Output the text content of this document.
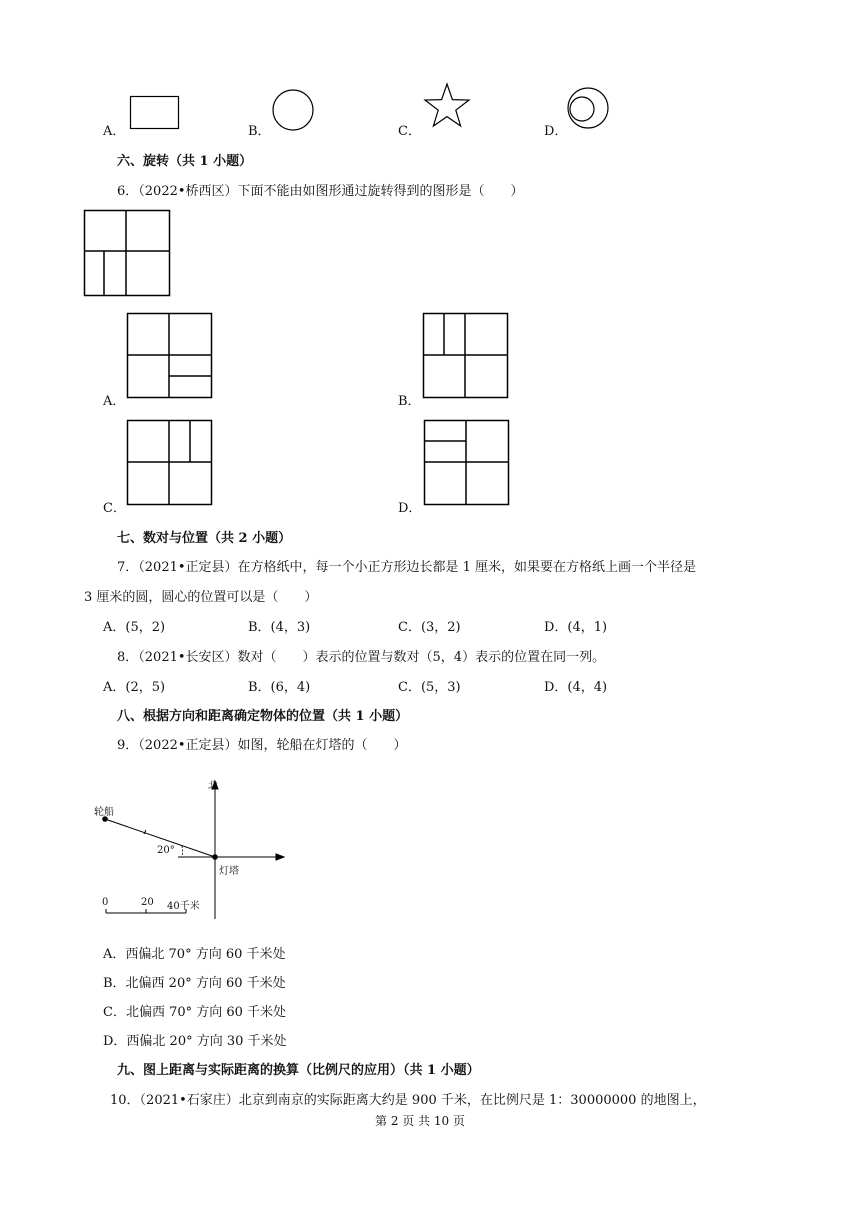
A．	B．	C．	D．
六、旋转（共 1 小题）
6．（2022•桥西区）下面不能由如图形通过旋转得到的图形是（　　）
A．	B．
C．	D．
七、数对与位置（共 2 小题）
7．（2021•正定县）在方格纸中，每一个小正方形边长都是 1 厘米，如果要在方格纸上画一个半径是
3 厘米的圆，圆心的位置可以是（　　）
A．(5，2)	B．(4，3)	C．(3，2)	D．(4，1)
8．（2021•长安区）数对（　　）表示的位置与数对（5，4）表示的位置在同一列。
A．(2，5)	B．(6，4)	C．(5，3)	D．(4，4)
八、根据方向和距离确定物体的位置（共 1 小题）
9．（2022•正定县）如图，轮船在灯塔的（　　）
北
轮船
20°
灯塔
0	20 40千米
A．西偏北 70° 方向 60 千米处
B．北偏西 20° 方向 60 千米处
C．北偏西 70° 方向 60 千米处
D．西偏北 20° 方向 30 千米处
九、图上距离与实际距离的换算（比例尺的应用）（共 1 小题）
10．（2021•石家庄）北京到南京的实际距离大约是 900 千米，在比例尺是 1：30000000 的地图上，
第 2 页 共 10 页
